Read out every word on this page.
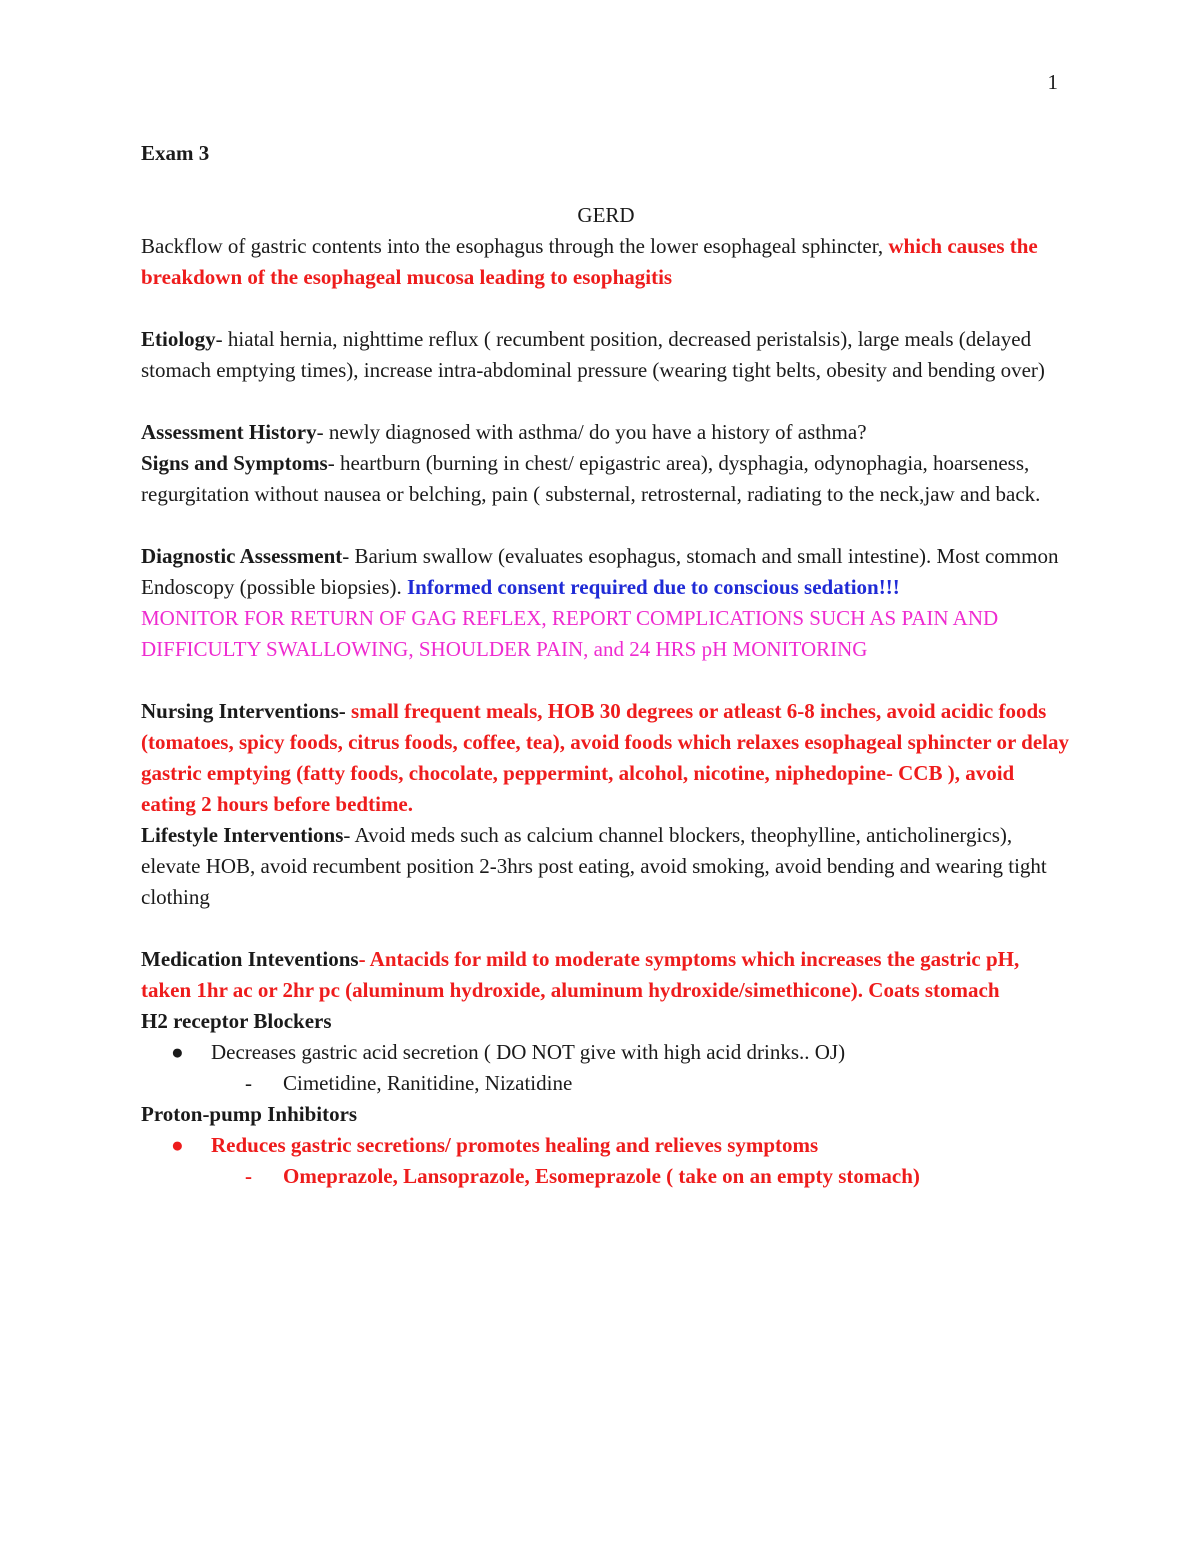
1

Exam 3

GERD

Backflow of gastric contents into the esophagus through the lower esophageal sphincter, which causes the breakdown of the esophageal mucosa leading to esophagitis

Etiology- hiatal hernia, nighttime reflux ( recumbent position, decreased peristalsis), large meals (delayed stomach emptying times), increase intra-abdominal pressure (wearing tight belts, obesity and bending over)

Assessment History- newly diagnosed with asthma/ do you have a history of asthma?

Signs and Symptoms- heartburn (burning in chest/ epigastric area), dysphagia, odynophagia, hoarseness, regurgitation without nausea or belching, pain ( substernal, retrosternal, radiating to the neck,jaw and back.

Diagnostic Assessment- Barium swallow (evaluates esophagus, stomach and small intestine). Most common Endoscopy (possible biopsies). Informed consent required due to conscious sedation!!!

MONITOR FOR RETURN OF GAG REFLEX, REPORT COMPLICATIONS SUCH AS PAIN AND DIFFICULTY SWALLOWING, SHOULDER PAIN, and 24 HRS pH MONITORING

Nursing Interventions- small frequent meals, HOB 30 degrees or atleast 6-8 inches, avoid acidic foods (tomatoes, spicy foods, citrus foods, coffee, tea), avoid foods which relaxes esophageal sphincter or delay gastric emptying (fatty foods, chocolate, peppermint, alcohol, nicotine, niphedopine- CCB ), avoid eating 2 hours before bedtime.

Lifestyle Interventions- Avoid meds such as calcium channel blockers, theophylline, anticholinergics), elevate HOB, avoid recumbent position 2-3hrs post eating, avoid smoking, avoid bending and wearing tight clothing

Medication Inteventions- Antacids for mild to moderate symptoms which increases the gastric pH, taken 1hr ac or 2hr pc (aluminum hydroxide, aluminum hydroxide/simethicone). Coats stomach

H2 receptor Blockers

● Decreases gastric acid secretion ( DO NOT give with high acid drinks.. OJ)

- Cimetidine, Ranitidine, Nizatidine

Proton-pump Inhibitors

● Reduces gastric secretions/ promotes healing and relieves symptoms

- Omeprazole, Lansoprazole, Esomeprazole ( take on an empty stomach)
